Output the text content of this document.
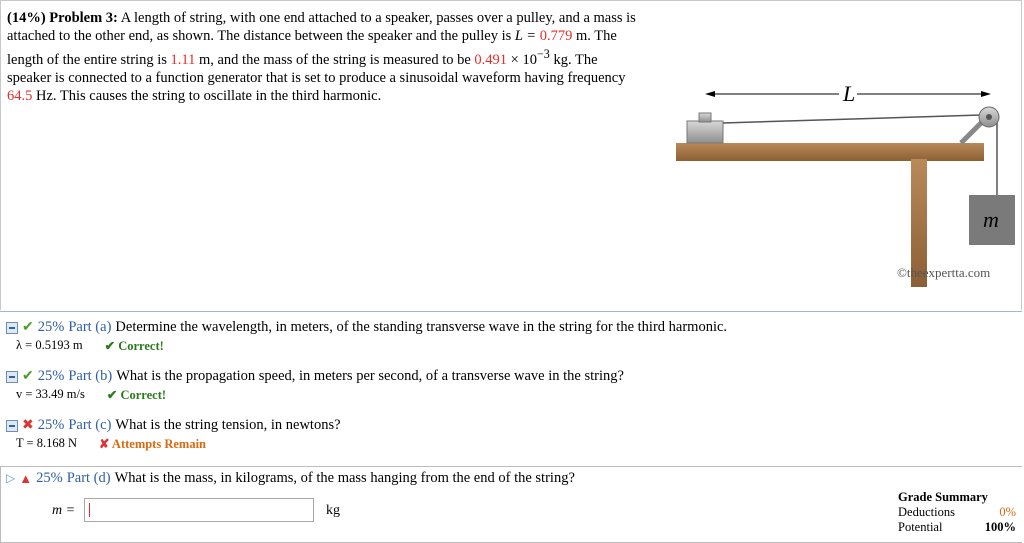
(14%) Problem 3: A length of string, with one end attached to a speaker, passes over a pulley, and a mass is attached to the other end, as shown. The distance between the speaker and the pulley is L = 0.779 m. The length of the entire string is 1.11 m, and the mass of the string is measured to be $0.491 \times 10^{-3}$ kg. The speaker is connected to a function generator that is set to produce a sinusoidal waveform having frequency 64.5 Hz. This causes the string to oscillate in the third harmonic.	L
m
©theexpertta.com
✔ 25% Part (a) Determine the wavelength, in meters, of the standing transverse wave in the string for the third harmonic.
λ = 0.5193 m ✔ Correct!
✔ 25% Part (b) What is the propagation speed, in meters per second, of a transverse wave in the string?
v = 33.49 m/s ✔ Correct!
✖ 25% Part (c) What is the string tension, in newtons?
T = 8.168 N ✘ Attempts Remain
▷ ▲ 25% Part (d) What is the mass, in kilograms, of the mass hanging from the end of the string?
m =	kg
Grade Summary
Deductions	0%
Potential	100%
